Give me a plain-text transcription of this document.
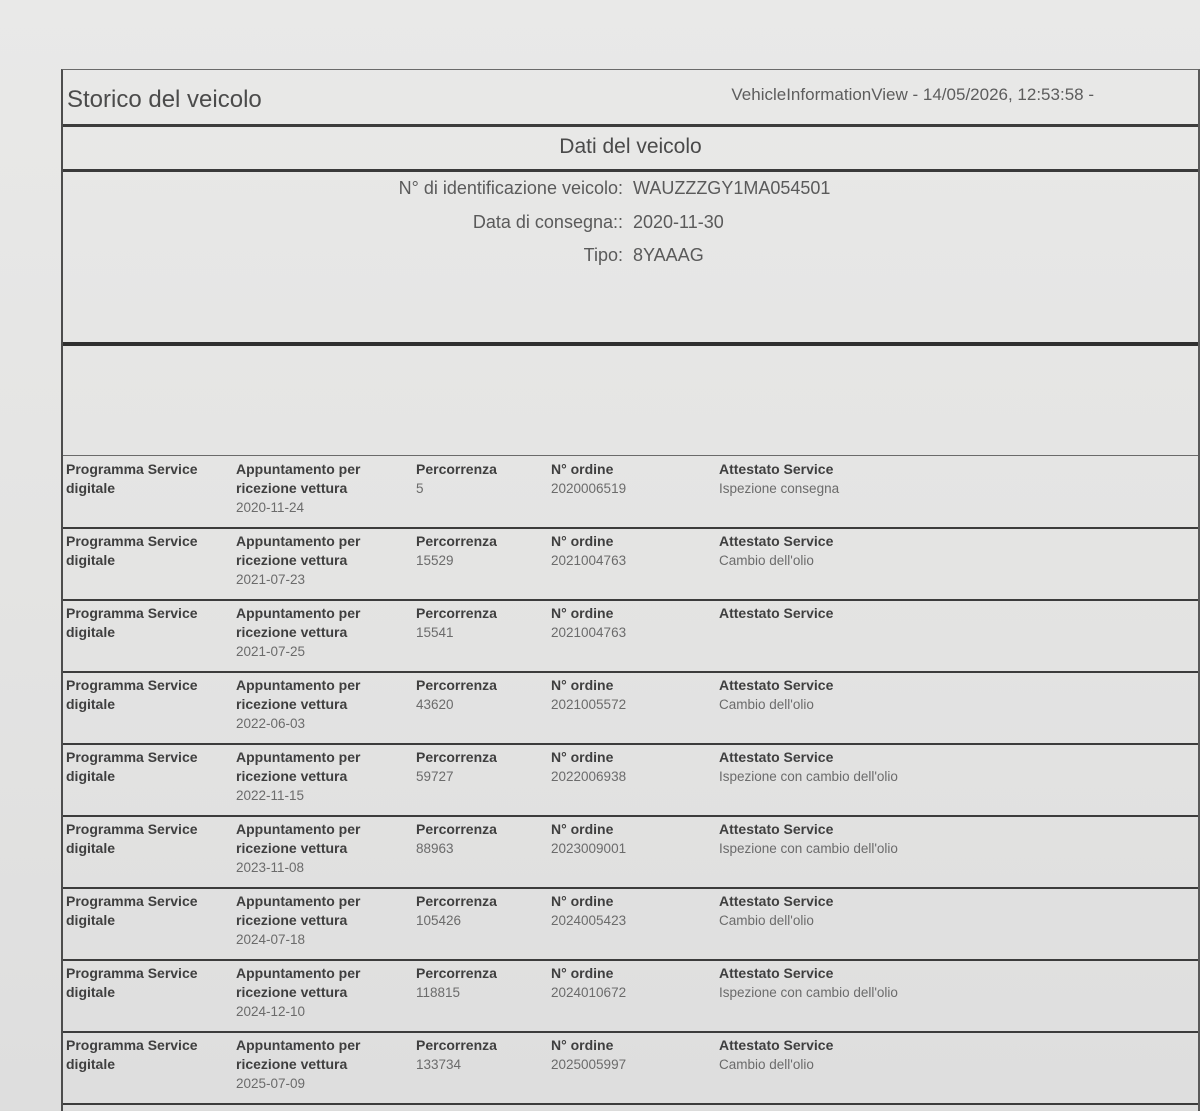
Storico del veicolo	VehicleInformationView - 14/05/2026, 12:53:58 -
Dati del veicolo
N° di identificazione veicolo: WAUZZZGY1MA054501
Data di consegna:: 2020-11-30
Tipo: 8YAAAG
Programma Service digitale
Appuntamento per ricezione vettura
2020-11-24
Percorrenza
5
N° ordine
2020006519
Attestato Service
Ispezione consegna
Programma Service digitale
Appuntamento per ricezione vettura
2021-07-23
Percorrenza
15529
N° ordine
2021004763
Attestato Service
Cambio dell'olio
Programma Service digitale
Appuntamento per ricezione vettura
2021-07-25
Percorrenza
15541
N° ordine
2021004763
Attestato Service
Programma Service digitale
Appuntamento per ricezione vettura
2022-06-03
Percorrenza
43620
N° ordine
2021005572
Attestato Service
Cambio dell'olio
Programma Service digitale
Appuntamento per ricezione vettura
2022-11-15
Percorrenza
59727
N° ordine
2022006938
Attestato Service
Ispezione con cambio dell'olio
Programma Service digitale
Appuntamento per ricezione vettura
2023-11-08
Percorrenza
88963
N° ordine
2023009001
Attestato Service
Ispezione con cambio dell'olio
Programma Service digitale
Appuntamento per ricezione vettura
2024-07-18
Percorrenza
105426
N° ordine
2024005423
Attestato Service
Cambio dell'olio
Programma Service digitale
Appuntamento per ricezione vettura
2024-12-10
Percorrenza
118815
N° ordine
2024010672
Attestato Service
Ispezione con cambio dell'olio
Programma Service digitale
Appuntamento per ricezione vettura
2025-07-09
Percorrenza
133734
N° ordine
2025005997
Attestato Service
Cambio dell'olio
